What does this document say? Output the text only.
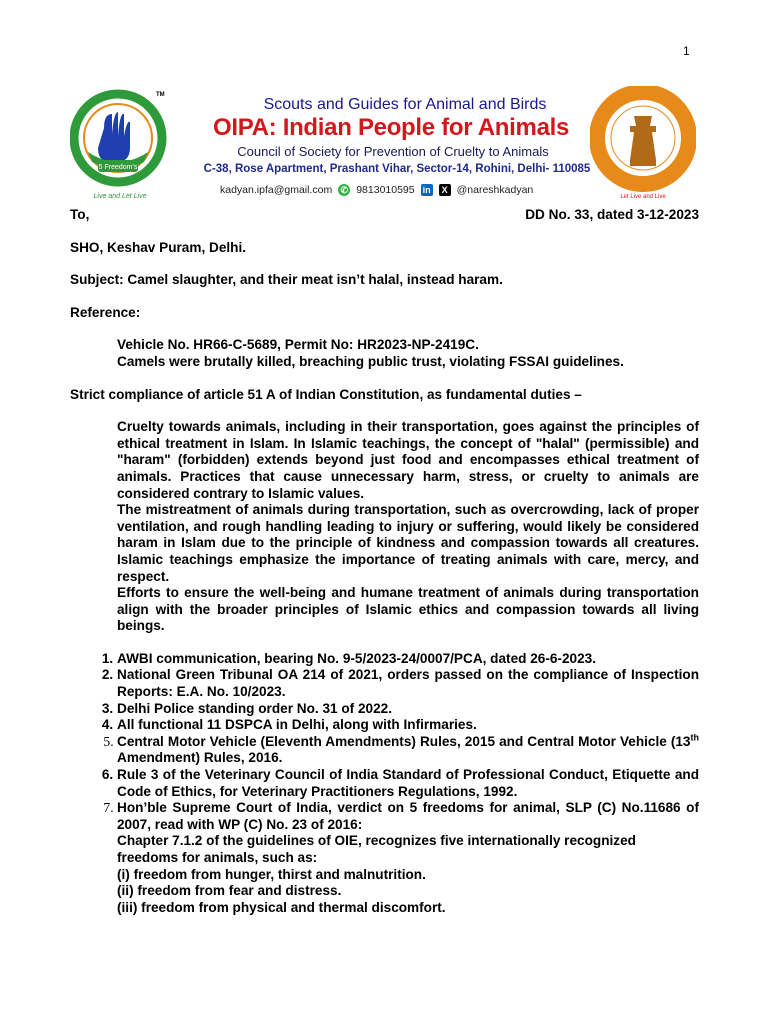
1
5 Freedom's
TM
Live and Let Live
Scouts and Guides for Animal and Birds
OIPA: Indian People for Animals
Council of Society for Prevention of Cruelty to Animals
C-38, Rose Apartment, Prashant Vihar, Sector-14, Rohini, Delhi- 110085
kadyan.ipfa@gmail.com ✆ 9813010595 in	X @nareshkadyan
Let Live and Live
To,	DD No. 33, dated 3-12-2023

SHO, Keshav Puram, Delhi.

Subject: Camel slaughter, and their meat isn’t halal, instead haram.

Reference:

Vehicle No. HR66-C-5689, Permit No: HR2023-NP-2419C.

Camels were brutally killed, breaching public trust, violating FSSAI guidelines.

Strict compliance of article 51 A of Indian Constitution, as fundamental duties –

Cruelty towards animals, including in their transportation, goes against the principles of ethical treatment in Islam. In Islamic teachings, the concept of "halal" (permissible) and "haram" (forbidden) extends beyond just food and encompasses ethical treatment of animals. Practices that cause unnecessary harm, stress, or cruelty to animals are considered contrary to Islamic values.

The mistreatment of animals during transportation, such as overcrowding, lack of proper ventilation, and rough handling leading to injury or suffering, would likely be considered haram in Islam due to the principle of kindness and compassion towards all creatures. Islamic teachings emphasize the importance of treating animals with care, mercy, and respect.

Efforts to ensure the well-being and humane treatment of animals during transportation align with the broader principles of Islamic ethics and compassion towards all living beings.

1. AWBI communication, bearing No. 9-5/2023-24/0007/PCA, dated 26-6-2023.
2. National Green Tribunal OA 214 of 2021, orders passed on the compliance of Inspection Reports: E.A. No. 10/2023.
3. Delhi Police standing order No. 31 of 2022.
4. All functional 11 DSPCA in Delhi, along with Infirmaries.
5. Central Motor Vehicle (Eleventh Amendments) Rules, 2015 and Central Motor Vehicle (13th Amendment) Rules, 2016.
6. Rule 3 of the Veterinary Council of India Standard of Professional Conduct, Etiquette and Code of Ethics, for Veterinary Practitioners Regulations, 1992.
7. Hon’ble Supreme Court of India, verdict on 5 freedoms for animal, SLP (C) No.11686 of 2007, read with WP (C) No. 23 of 2016:
Chapter 7.1.2 of the guidelines of OIE, recognizes five internationally recognized freedoms for animals, such as:
(i) freedom from hunger, thirst and malnutrition.
(ii) freedom from fear and distress.
(iii) freedom from physical and thermal discomfort.
